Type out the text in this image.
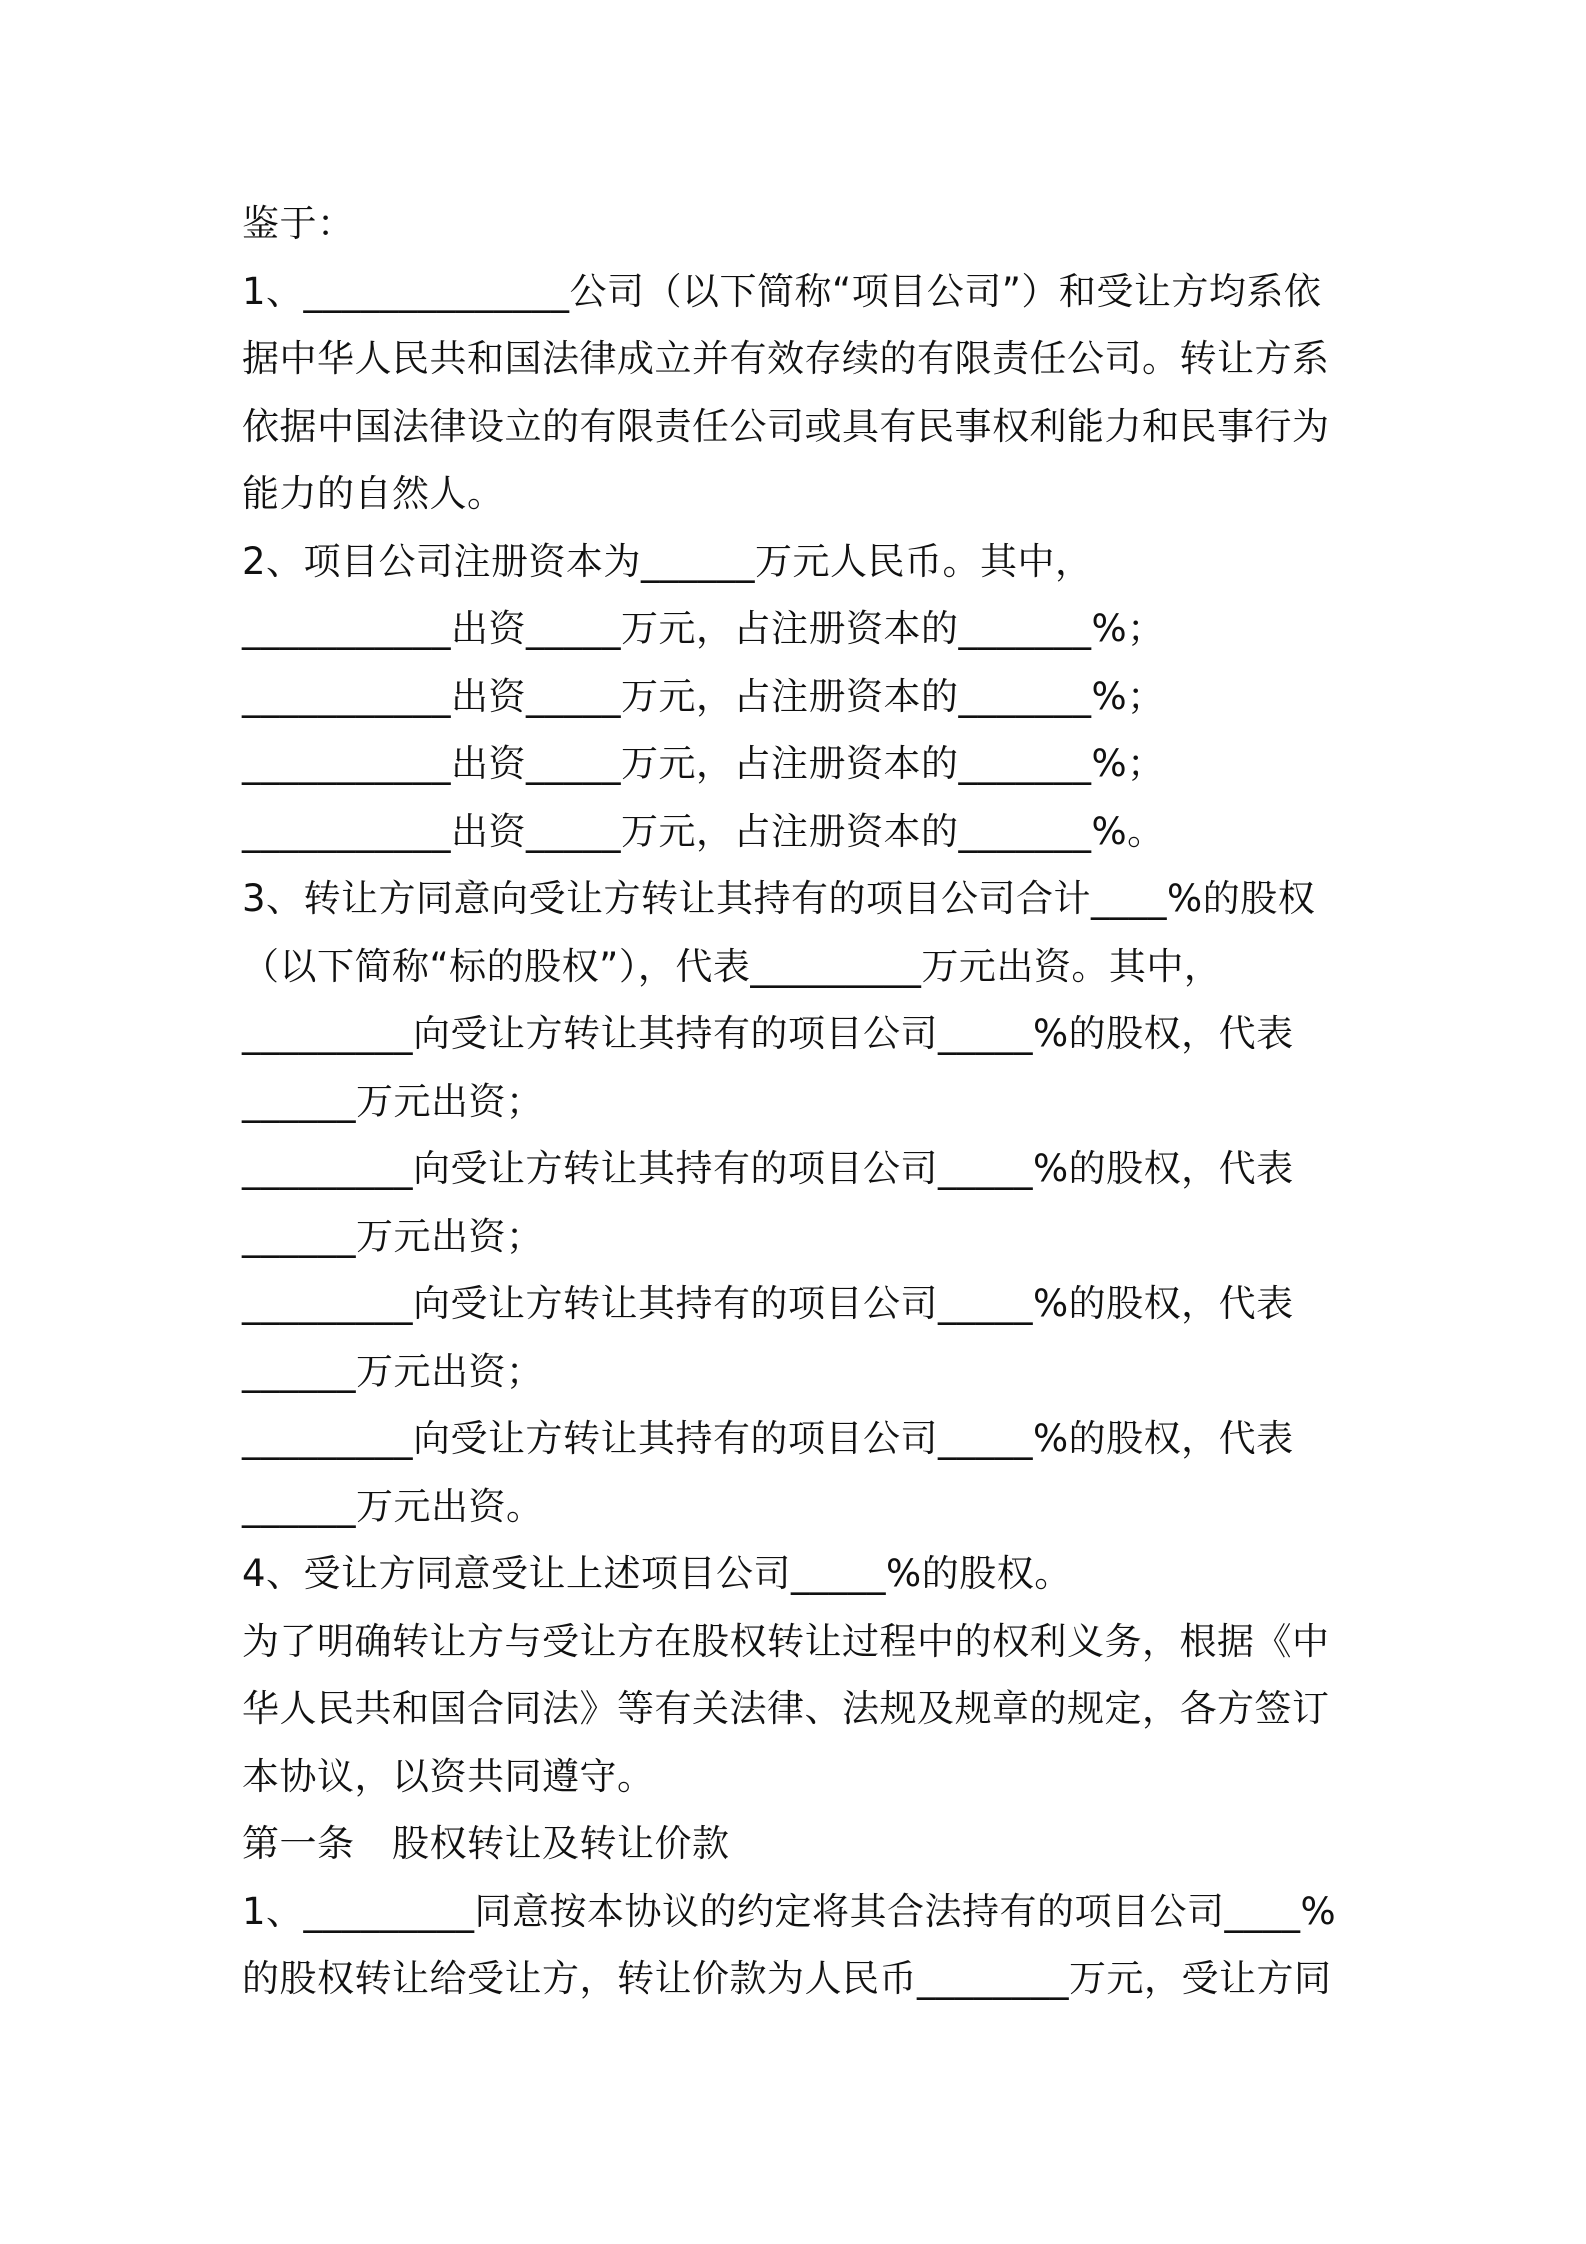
鉴于：

1、______________公司（以下简称“项目公司”）和受让方均系依

据中华人民共和国法律成立并有效存续的有限责任公司。转让方系

依据中国法律设立的有限责任公司或具有民事权利能力和民事行为

能力的自然人。

2、项目公司注册资本为______万元人民币。其中，

___________出资_____万元，占注册资本的_______%；

___________出资_____万元，占注册资本的_______%；

___________出资_____万元，占注册资本的_______%；

___________出资_____万元，占注册资本的_______%。

3、转让方同意向受让方转让其持有的项目公司合计____%的股权

（以下简称“标的股权”），代表_________万元出资。其中，

_________向受让方转让其持有的项目公司_____%的股权，代表

______万元出资；

_________向受让方转让其持有的项目公司_____%的股权，代表

______万元出资；

_________向受让方转让其持有的项目公司_____%的股权，代表

______万元出资；

_________向受让方转让其持有的项目公司_____%的股权，代表

______万元出资。

4、受让方同意受让上述项目公司_____%的股权。

为了明确转让方与受让方在股权转让过程中的权利义务，根据《中

华人民共和国合同法》等有关法律、法规及规章的规定，各方签订

本协议，以资共同遵守。

第一条　股权转让及转让价款

1、_________同意按本协议的约定将其合法持有的项目公司____%

的股权转让给受让方，转让价款为人民币________万元，受让方同
